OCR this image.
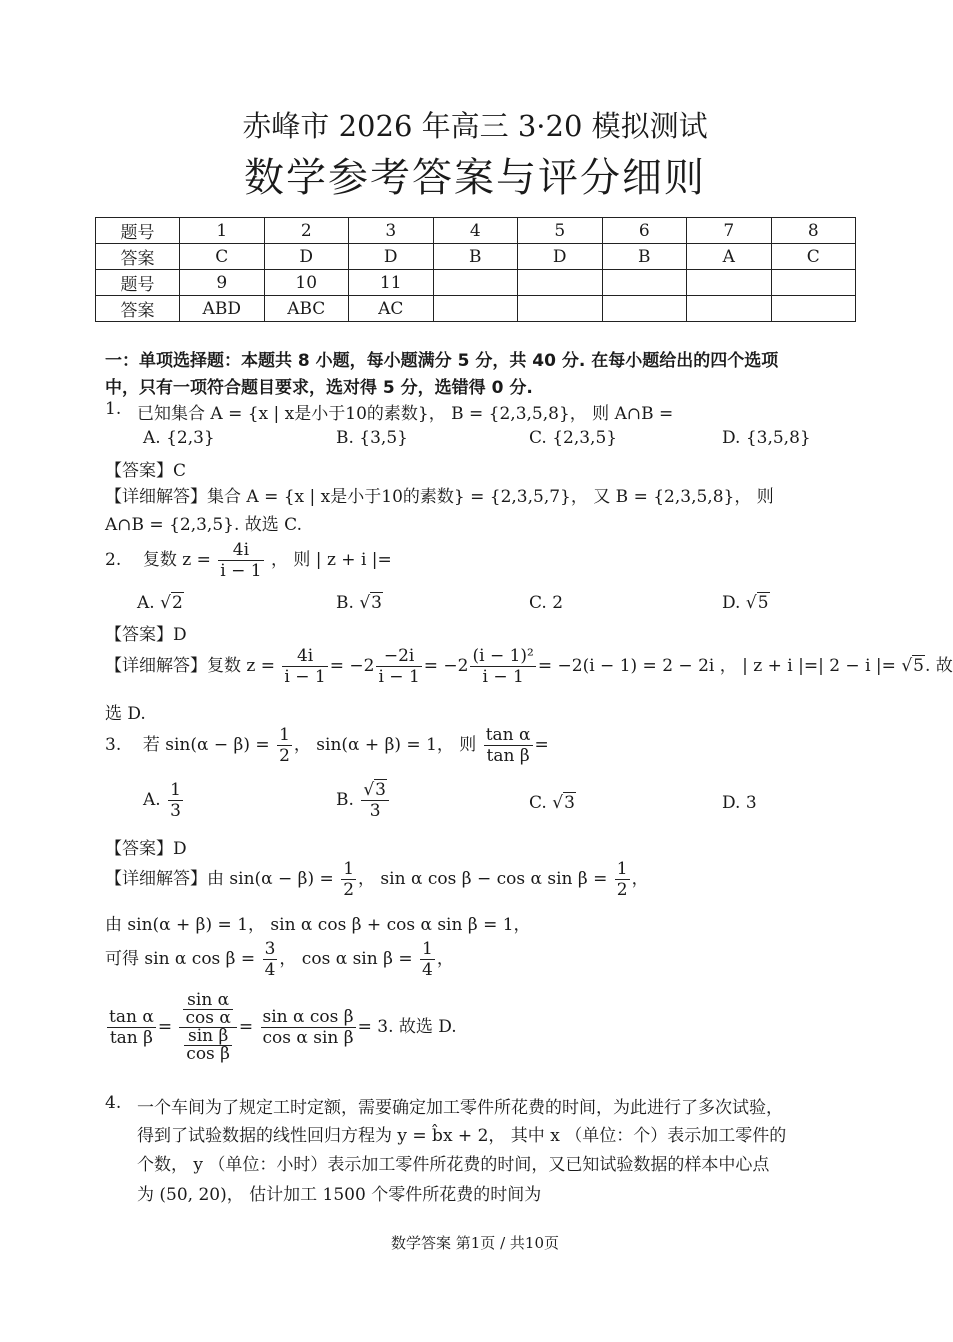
赤峰市 2026 年高三 3·20 模拟测试
数学参考答案与评分细则
题号	1	2	3	4	5	6	7	8
答案	C	D	D	B	D	B	A	C
题号	9	10	11					
答案	ABD	ABC	AC					
一：单项选择题：本题共 8 小题，每小题满分 5 分，共 40 分. 在每小题给出的四个选项
中，只有一项符合题目要求，选对得 5 分，选错得 0 分.
1. 已知集合 A = {x | x是小于10的素数}， B = {2,3,5,8}， 则 A∩B =
A. {2,3}	B. {3,5}	C. {2,3,5}	D. {3,5,8}
【答案】C
【详细解答】集合 A = {x | x是小于10的素数} = {2,3,5,7}， 又 B = {2,3,5,8}， 则
A∩B = {2,3,5}. 故选 C.
2. 复数 $z = \frac{4i}{i - 1}$ ， 则 | z + i |=
A. √2	B. √3	C. 2	D. √5
【答案】D
【详细解答】复数 $z = \frac{4i}{i - 1} = -2 \frac{-2i}{i - 1} = -2 \frac{\text{(i − 1)²}}{i - 1} = -2(i - 1) = 2 - 2i$ ， | z + i |=| 2 − i |= √5. 故
选 D.
3. 若 $\sin(\alpha - \beta) = \frac{1}{2}$ ， sin(α + β) = 1， 则 $\frac{\text{tan α}}{\text{tan β}}$ =
A. $\frac{1}{3}$	B. $\frac{√3}{3}$	C. √3	D. 3
【答案】D
【详细解答】由 $\sin(\alpha - \beta) = \frac{1}{2}$ ， sin α cos β − cos α $\sin \beta = \frac{1}{2}$ ，
由 sin(α + β) = 1， sin α cos β + cos α sin β = 1，
可得 sin α $\cos \beta = \frac{3}{4}$ ， cos α $\sin \beta = \frac{1}{4}$ ，
$\frac{\text{tan α}}{\text{tan β}} = \frac{\frac{\text{sin α}}{\text{cos α}}}{\frac{\text{sin β}}{\text{cos β}}} = \frac{\text{sin α cos β}}{\text{cos α sin β}} = 3$. 故选 D.
4. 一个车间为了规定工时定额，需要确定加工零件所花费的时间，为此进行了多次试验，
得到了试验数据的线性回归方程为 y = b̂x + 2， 其中 x （单位：个）表示加工零件的
个数， y （单位：小时）表示加工零件所花费的时间，又已知试验数据的样本中心点
为 (50, 20)， 估计加工 1500 个零件所花费的时间为
数学答案 第1页 / 共10页
